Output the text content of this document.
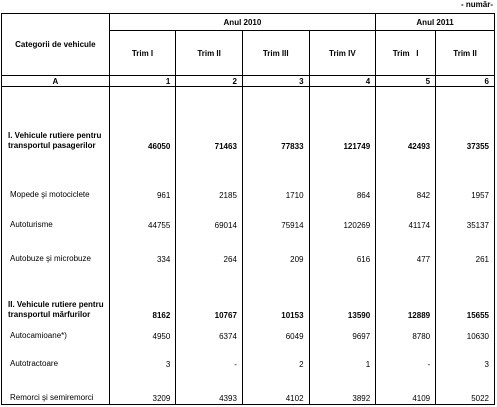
- număr-
Categorii de vehicule	Anul 2010				Anul 2011	
	Trim I	Trim II	Trim III	Trim IV	Trim   I	Trim II
A	1	2	3	4	5	6
I. Vehicule rutiere pentru transportul pasagerilor	46050	71463	77833	121749	42493	37355
Mopede şi motociclete	961	2185	1710	864	842	1957
Autoturisme	44755	69014	75914	120269	41174	35137
Autobuze şi microbuze	334	264	209	616	477	261
II. Vehicule rutiere pentru transportul mărfurilor	8162	10767	10153	13590	12889	15655
Autocamioane*)	4950	6374	6049	9697	8780	10630
Autotractoare	3	-	2	1	-	3
Remorci şi semiremorci	3209	4393	4102	3892	4109	5022
